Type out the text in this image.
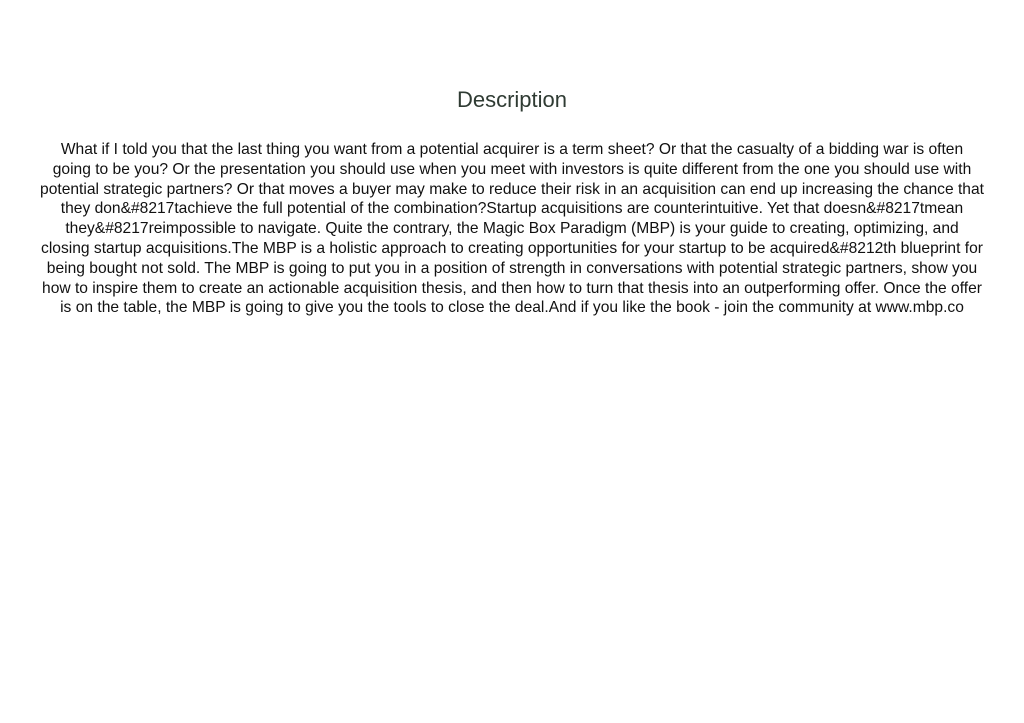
Description

What if I told you that the last thing you want from a potential acquirer is a term sheet? Or that the casualty of a bidding war is often going to be you? Or the presentation you should use when you meet with investors is quite different from the one you should use with potential strategic partners? Or that moves a buyer may make to reduce their risk in an acquisition can end up increasing the chance that they don&#8217tachieve the full potential of the combination?Startup acquisitions are counterintuitive. Yet that doesn&#8217tmean they&#8217reimpossible to navigate. Quite the contrary, the Magic Box Paradigm (MBP) is your guide to creating, optimizing, and closing startup acquisitions.The MBP is a holistic approach to creating opportunities for your startup to be acquired&#8212th blueprint for being bought not sold. The MBP is going to put you in a position of strength in conversations with potential strategic partners, show you how to inspire them to create an actionable acquisition thesis, and then how to turn that thesis into an outperforming offer. Once the offer is on the table, the MBP is going to give you the tools to close the deal.And if you like the book - join the community at www.mbp.co
